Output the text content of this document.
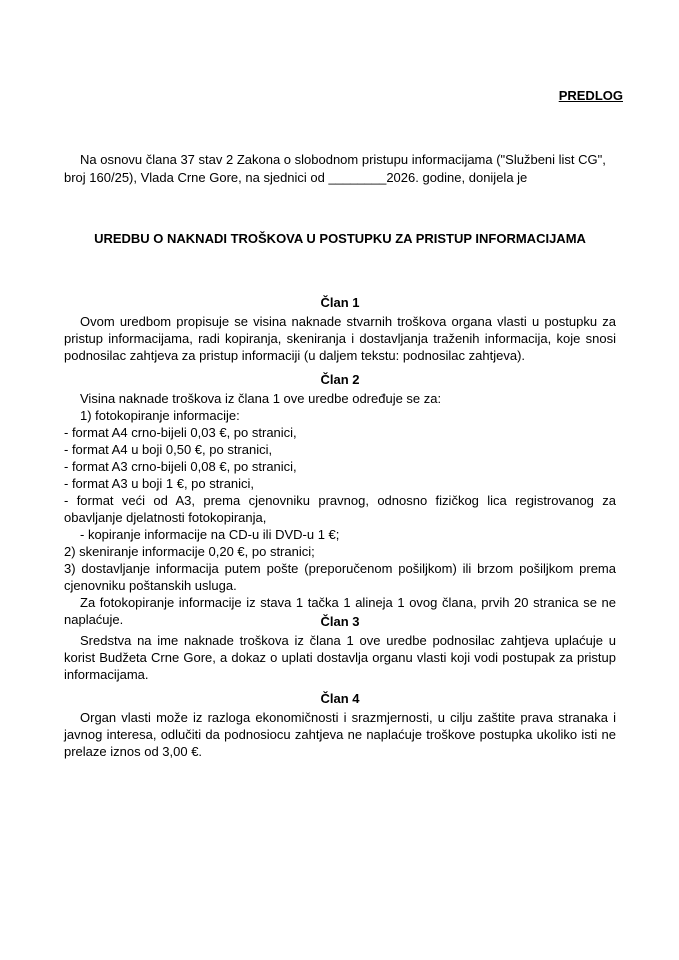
PREDLOG

Na osnovu člana 37 stav 2 Zakona o slobodnom pristupu informacijama ("Službeni list CG",
broj 160/25), Vlada Crne Gore, na sjednici od ________2026. godine, donijela je

UREDBU O NAKNADI TROŠKOVA U POSTUPKU ZA PRISTUP INFORMACIJAMA
Član 1

Ovom uredbom propisuje se visina naknade stvarnih troškova organa vlasti u postupku za pristup informacijama, radi kopiranja, skeniranja i dostavljanja traženih informacija, koje snosi podnosilac zahtjeva za pristup informaciji (u daljem tekstu: podnosilac zahtjeva).

Član 2

Visina naknade troškova iz člana 1 ove uredbe određuje se za:

1) fotokopiranje informacije:

- format A4 crno-bijeli 0,03 €, po stranici,

- format A4 u boji 0,50 €, po stranici,

- format A3 crno-bijeli 0,08 €, po stranici,

- format A3 u boji 1 €, po stranici,

- format veći od A3, prema cjenovniku pravnog, odnosno fizičkog lica registrovanog za obavljanje djelatnosti fotokopiranja,

- kopiranje informacije na CD-u ili DVD-u 1 €;

2) skeniranje informacije 0,20 €, po stranici;

3) dostavljanje informacija putem pošte (preporučenom pošiljkom) ili brzom pošiljkom prema cjenovniku poštanskih usluga.

Za fotokopiranje informacije iz stava 1 tačka 1 alineja 1 ovog člana, prvih 20 stranica se ne naplaćuje.	Član 3

Sredstva na ime naknade troškova iz člana 1 ove uredbe podnosilac zahtjeva uplaćuje u korist Budžeta Crne Gore, a dokaz o uplati dostavlja organu vlasti koji vodi postupak za pristup informacijama.

Član 4

Organ vlasti može iz razloga ekonomičnosti i srazmjernosti, u cilju zaštite prava stranaka i javnog interesa, odlučiti da podnosiocu zahtjeva ne naplaćuje troškove postupka ukoliko isti ne prelaze iznos od 3,00 €.
